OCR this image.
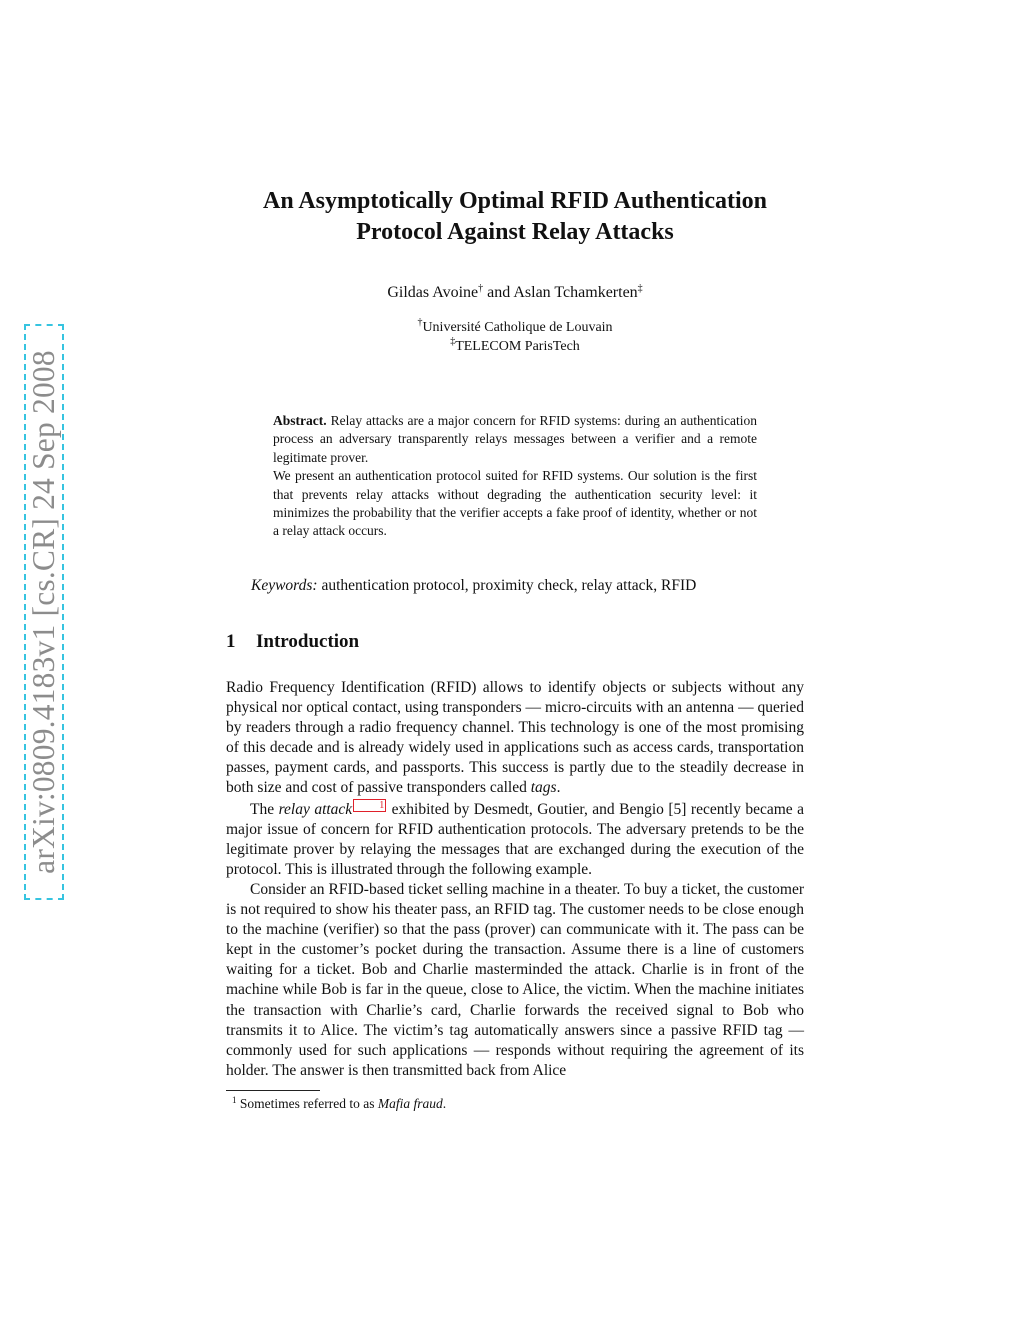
arXiv:0809.4183v1 [cs.CR] 24 Sep 2008
An Asymptotically Optimal RFID Authentication
Protocol Against Relay Attacks
Gildas Avoine† and Aslan Tchamkerten‡
†Université Catholique de Louvain
‡TELECOM ParisTech

Abstract. Relay attacks are a major concern for RFID systems: during an authentication process an adversary transparently relays messages between a verifier and a remote legitimate prover.

We present an authentication protocol suited for RFID systems. Our solution is the first that prevents relay attacks without degrading the authentication security level: it minimizes the probability that the verifier accepts a fake proof of identity, whether or not a relay attack occurs.

Keywords: authentication protocol, proximity check, relay attack, RFID
1 Introduction

Radio Frequency Identification (RFID) allows to identify objects or subjects without any physical nor optical contact, using transponders — micro-circuits with an antenna — queried by readers through a radio frequency channel. This technology is one of the most promising of this decade and is already widely used in applications such as access cards, transportation passes, payment cards, and passports. This success is partly due to the steadily decrease in both size and cost of passive transponders called tags.

The relay attack	1 exhibited by Desmedt, Goutier, and Bengio [5] recently became a major issue of concern for RFID authentication protocols. The adversary pretends to be the legitimate prover by relaying the messages that are exchanged during the execution of the protocol. This is illustrated through the following example.

Consider an RFID-based ticket selling machine in a theater. To buy a ticket, the customer is not required to show his theater pass, an RFID tag. The customer needs to be close enough to the machine (verifier) so that the pass (prover) can communicate with it. The pass can be kept in the customer’s pocket during the transaction. Assume there is a line of customers waiting for a ticket. Bob and Charlie masterminded the attack. Charlie is in front of the machine while Bob is far in the queue, close to Alice, the victim. When the machine initiates the transaction with Charlie’s card, Charlie forwards the received signal to Bob who transmits it to Alice. The victim’s tag automatically answers since a passive RFID tag — commonly used for such applications — responds without requiring the agreement of its holder. The answer is then transmitted back from Alice

$^1$ Sometimes referred to as Mafia fraud.
